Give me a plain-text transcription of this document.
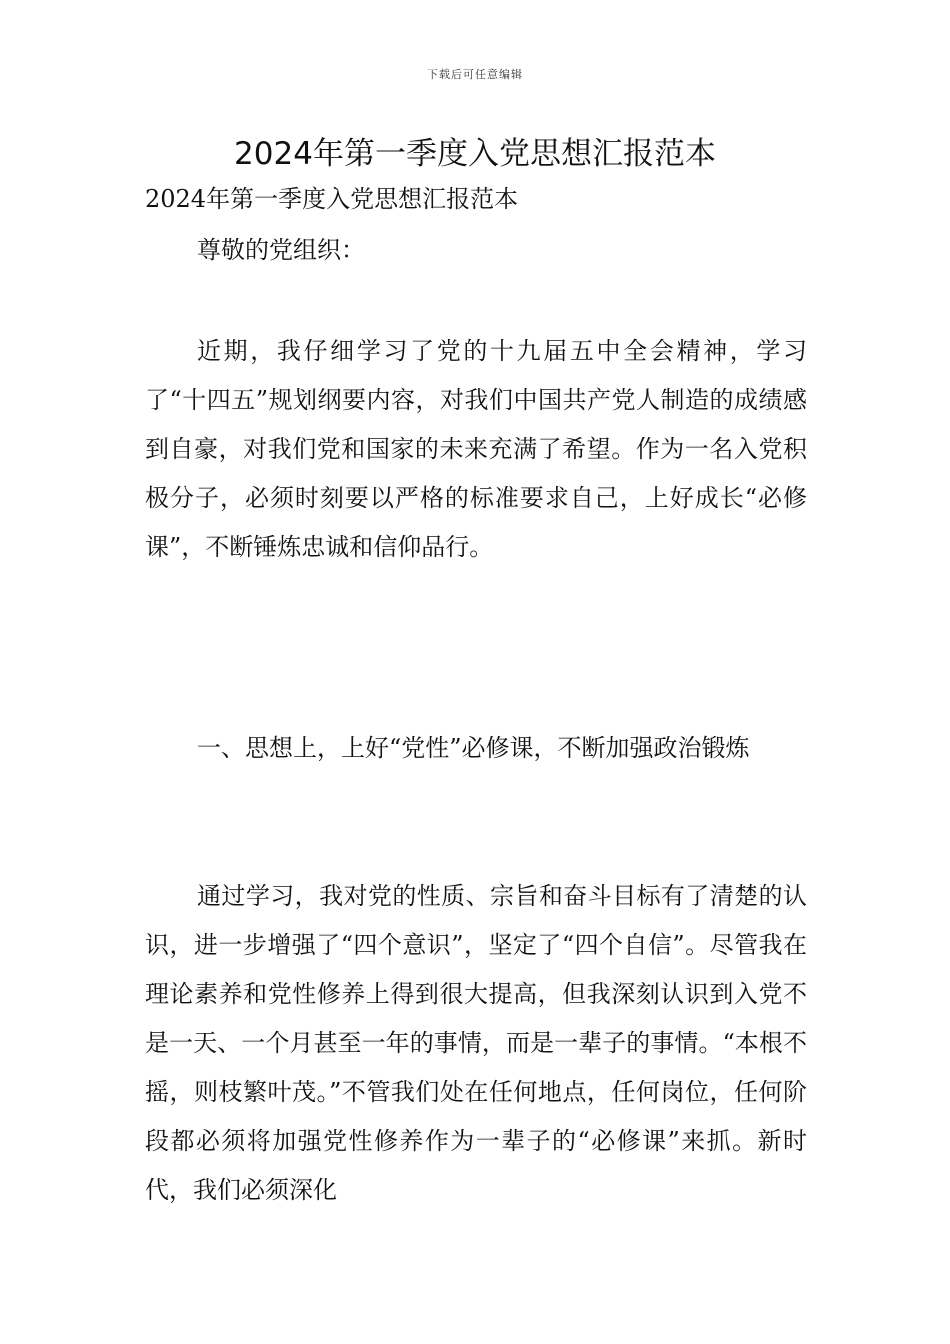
下载后可任意编辑
2024年第一季度入党思想汇报范本

2024年第一季度入党思想汇报范本

尊敬的党组织：

近期，我仔细学习了党的十九届五中全会精神，学习了“十四五”规划纲要内容，对我们中国共产党人制造的成绩感到自豪，对我们党和国家的未来充满了希望。作为一名入党积极分子，必须时刻要以严格的标准要求自己，上好成长“必修课”，不断锤炼忠诚和信仰品行。

一、思想上，上好“党性”必修课，不断加强政治锻炼

通过学习，我对党的性质、宗旨和奋斗目标有了清楚的认识，进一步增强了“四个意识”，坚定了“四个自信”。尽管我在理论素养和党性修养上得到很大提高，但我深刻认识到入党不是一天、一个月甚至一年的事情，而是一辈子的事情。“本根不摇，则枝繁叶茂。”不管我们处在任何地点，任何岗位，任何阶段都必须将加强党性修养作为一辈子的“必修课”来抓。新时代，我们必须深化
